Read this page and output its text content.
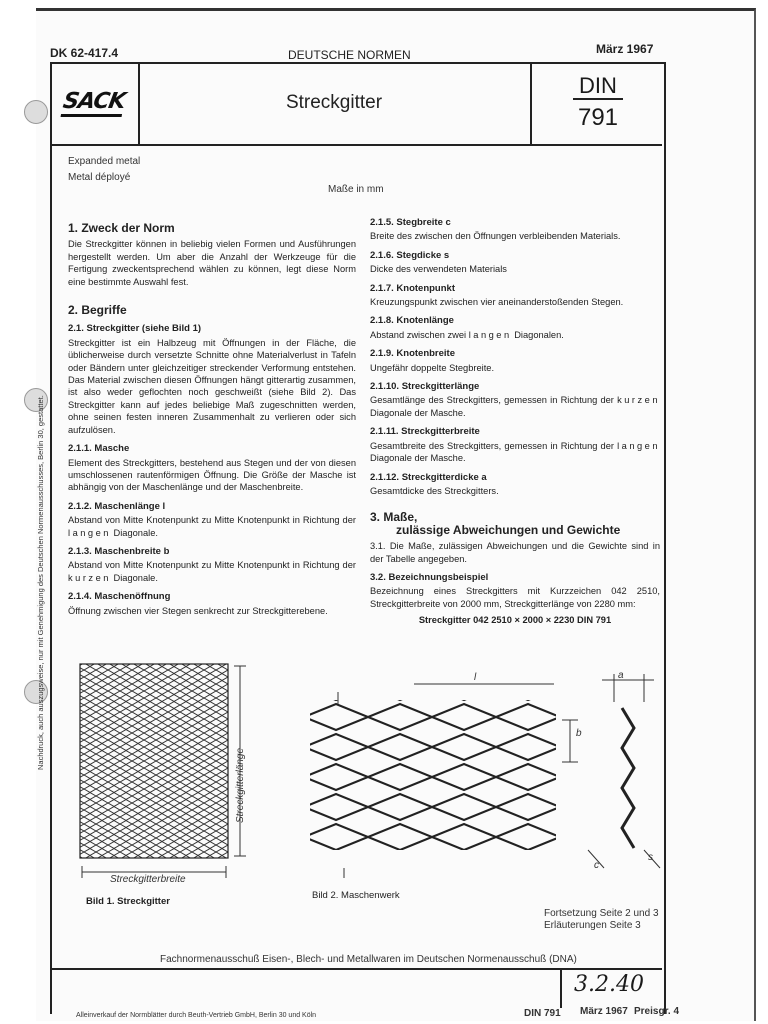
DK 62-417.4	DEUTSCHE NORMEN	März 1967
SACK	Streckgitter
DIN
791
Expanded metal
Metal déployé
Maße in mm
Nachdruck, auch auszugsweise, nur mit Genehmigung des Deutschen Normenausschusses, Berlin 30, gestattet.
1. Zweck der Norm

Die Streckgitter können in beliebig vielen Formen und Ausführungen hergestellt werden. Um aber die Anzahl der Werkzeuge für die Fertigung zweckentsprechend wählen zu können, legt diese Norm eine bestimmte Auswahl fest.

2. Begriffe
2.1. Streckgitter (siehe Bild 1)

Streckgitter ist ein Halbzeug mit Öffnungen in der Fläche, die üblicherweise durch versetzte Schnitte ohne Materialverlust in Tafeln oder Bändern unter gleichzeitiger streckender Verformung entstehen. Das Material zwischen diesen Öffnungen hängt gitterartig zusammen, ist also weder geflochten noch geschweißt (siehe Bild 2). Das Streckgitter kann auf jedes beliebige Maß zugeschnitten werden, ohne seinen festen inneren Zusammenhalt zu verlieren oder sich aufzulösen.

2.1.1. Masche

Element des Streckgitters, bestehend aus Stegen und der von diesen umschlossenen rautenförmigen Öffnung. Die Größe der Masche ist abhängig von der Maschenlänge und der Maschenbreite.

2.1.2. Maschenlänge l

Abstand von Mitte Knotenpunkt zu Mitte Knotenpunkt in Richtung der langen Diagonale.

2.1.3. Maschenbreite b

Abstand von Mitte Knotenpunkt zu Mitte Knotenpunkt in Richtung der kurzen Diagonale.

2.1.4. Maschenöffnung

Öffnung zwischen vier Stegen senkrecht zur Streckgitterebene.

2.1.5. Stegbreite c

Breite des zwischen den Öffnungen verbleibenden Materials.

2.1.6. Stegdicke s

Dicke des verwendeten Materials

2.1.7. Knotenpunkt

Kreuzungspunkt zwischen vier aneinanderstoßenden Stegen.

2.1.8. Knotenlänge

Abstand zwischen zwei langen Diagonalen.

2.1.9. Knotenbreite

Ungefähr doppelte Stegbreite.

2.1.10. Streckgitterlänge

Gesamtlänge des Streckgitters, gemessen in Richtung der kurzen Diagonale der Masche.

2.1.11. Streckgitterbreite

Gesamtbreite des Streckgitters, gemessen in Richtung der langen Diagonale der Masche.

2.1.12. Streckgitterdicke a

Gesamtdicke des Streckgitters.

3. Maße,
zulässige Abweichungen und Gewichte

3.1. Die Maße, zulässigen Abweichungen und die Gewichte sind in der Tabelle angegeben.

3.2. Bezeichnungsbeispiel

Bezeichnung eines Streckgitters mit Kurzzeichen 042 2510, Streckgitterbreite von 2000 mm, Streckgitterlänge von 2280 mm:

Streckgitter 042 2510 × 2000 × 2230 DIN 791

Streckgitterlänge
Streckgitterbreite
Bild 1. Streckgitter
l
b
a
c
s
Bild 2. Maschenwerk
Fortsetzung Seite 2 und 3
Erläuterungen Seite 3
Fachnormenausschuß Eisen-, Blech- und Metallwaren im Deutschen Normenausschuß (DNA)
3.2.40
Alleinverkauf der Normblätter durch Beuth-Vertrieb GmbH, Berlin 30 und Köln	DIN 791 März 1967 Preisgr. 4
